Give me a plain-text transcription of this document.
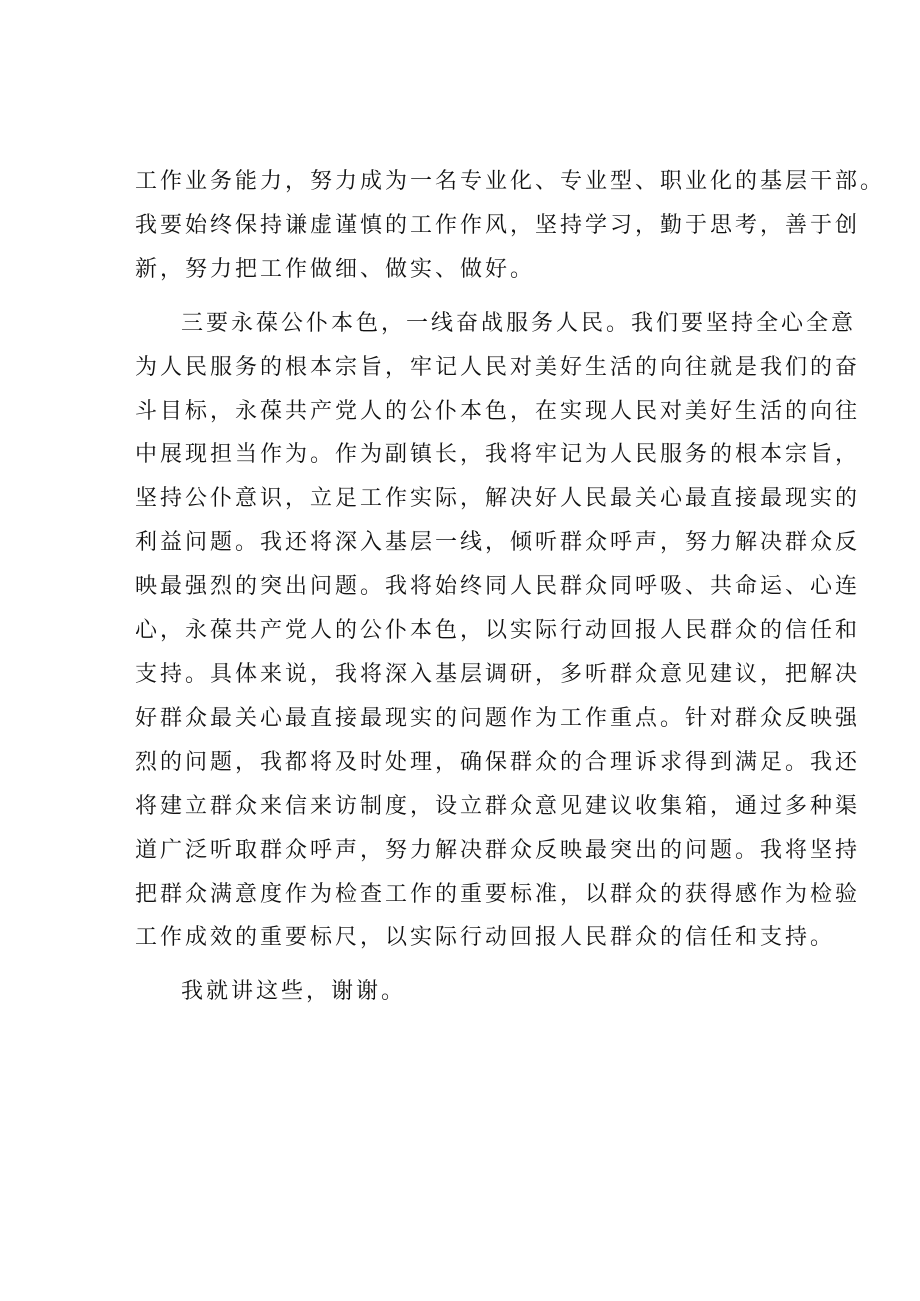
工作业务能力，努力成为一名专业化、专业型、职业化的基层干部。
我要始终保持谦虚谨慎的工作作风，坚持学习，勤于思考，善于创
新，努力把工作做细、做实、做好。
三要永葆公仆本色，一线奋战服务人民。我们要坚持全心全意
为人民服务的根本宗旨，牢记人民对美好生活的向往就是我们的奋
斗目标，永葆共产党人的公仆本色，在实现人民对美好生活的向往
中展现担当作为。作为副镇长，我将牢记为人民服务的根本宗旨，
坚持公仆意识，立足工作实际，解决好人民最关心最直接最现实的
利益问题。我还将深入基层一线，倾听群众呼声，努力解决群众反
映最强烈的突出问题。我将始终同人民群众同呼吸、共命运、心连
心，永葆共产党人的公仆本色，以实际行动回报人民群众的信任和
支持。具体来说，我将深入基层调研，多听群众意见建议，把解决
好群众最关心最直接最现实的问题作为工作重点。针对群众反映强
烈的问题，我都将及时处理，确保群众的合理诉求得到满足。我还
将建立群众来信来访制度，设立群众意见建议收集箱，通过多种渠
道广泛听取群众呼声，努力解决群众反映最突出的问题。我将坚持
把群众满意度作为检查工作的重要标准，以群众的获得感作为检验
工作成效的重要标尺，以实际行动回报人民群众的信任和支持。
我就讲这些，谢谢。
